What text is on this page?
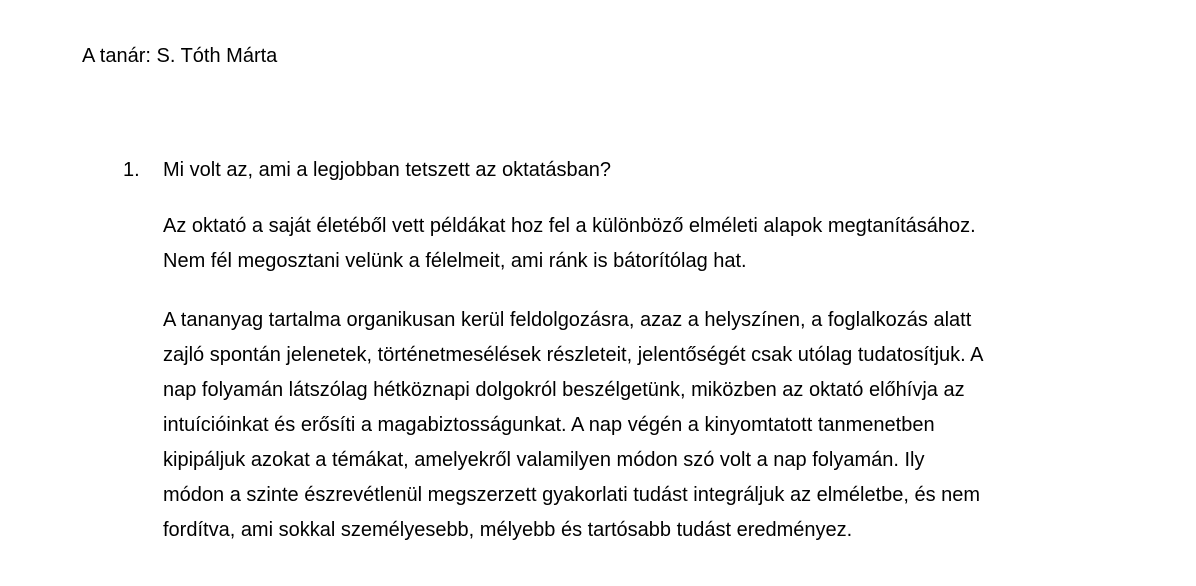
A tanár: S. Tóth Márta
1. Mi volt az, ami a legjobban tetszett az oktatásban?
Az oktató a saját életéből vett példákat hoz fel a különböző elméleti alapok megtanításához.
Nem fél megosztani velünk a félelmeit, ami ránk is bátorítólag hat.
A tananyag tartalma organikusan kerül feldolgozásra, azaz a helyszínen, a foglalkozás alatt
zajló spontán jelenetek, történetmesélések részleteit, jelentőségét csak utólag tudatosítjuk. A
nap folyamán látszólag hétköznapi dolgokról beszélgetünk, miközben az oktató előhívja az
intuícióinkat és erősíti a magabiztosságunkat. A nap végén a kinyomtatott tanmenetben
kipipáljuk azokat a témákat, amelyekről valamilyen módon szó volt a nap folyamán. Ily
módon a szinte észrevétlenül megszerzett gyakorlati tudást integráljuk az elméletbe, és nem
fordítva, ami sokkal személyesebb, mélyebb és tartósabb tudást eredményez.
